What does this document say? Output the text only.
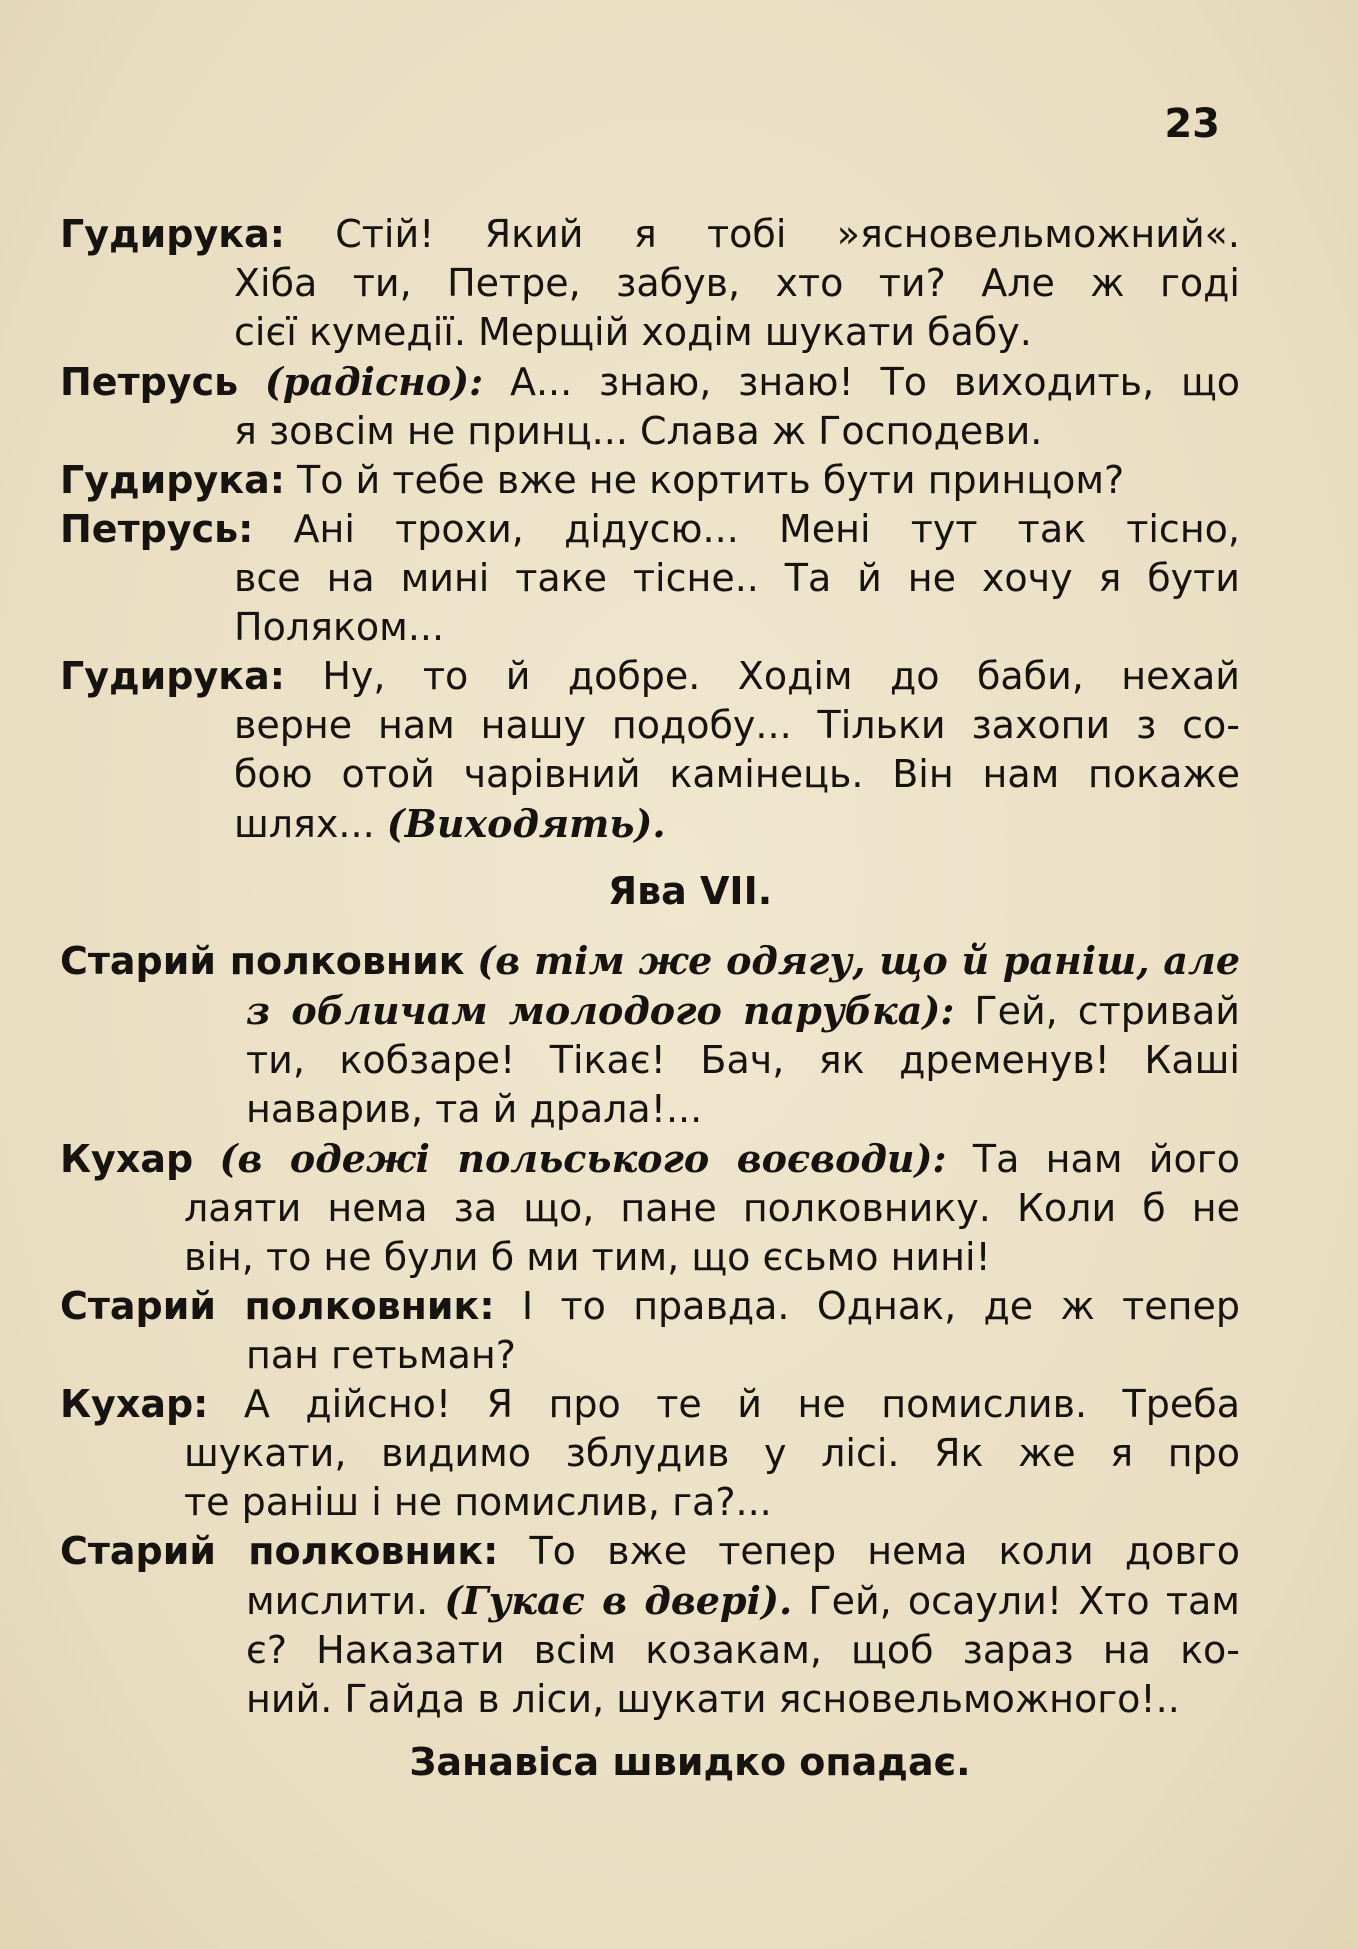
23
Гудирука: Стій! Який я тобі »ясновельможний«.
Хіба ти, Петре, забув, хто ти? Але ж годі
сієї кумедії. Мерщій ходім шукати бабу.
Петрусь (радісно): А... знаю, знаю! То виходить, що
я зовсім не принц... Слава ж Господеви.
Гудирука: То й тебе вже не кортить бути принцом?
Петрусь: Ані трохи, дідусю... Мені тут так тісно,
все на мині таке тісне.. Та й не хочу я бути
Поляком...
Гудирука: Ну, то й добре. Ходім до баби, нехай
верне нам нашу подобу... Тільки захопи з со-
бою отой чарівний камінець. Він нам покаже
шлях... (Виходять).
Ява VII.
Старий полковник (в тім же одягу, що й раніш, але
з обличам молодого парубка): Гей, стривай
ти, кобзаре! Тікає! Бач, як дременув! Каші
наварив, та й драла!...
Кухар (в одежі польського воєводи): Та нам його
лаяти нема за що, пане полковнику. Коли б не
він, то не були б ми тим, що єсьмо нині!
Старий полковник: І то правда. Однак, де ж тепер
пан гетьман?
Кухар: А дійсно! Я про те й не помислив. Треба
шукати, видимо зблудив у лісі. Як же я про
те раніш і не помислив, га?...
Старий полковник: То вже тепер нема коли довго
мислити. (Гукає в двері). Гей, осаули! Хто там
є? Наказати всім козакам, щоб зараз на ко-
ний. Гайда в ліси, шукати ясновельможного!..
Занавіса швидко опадає.
